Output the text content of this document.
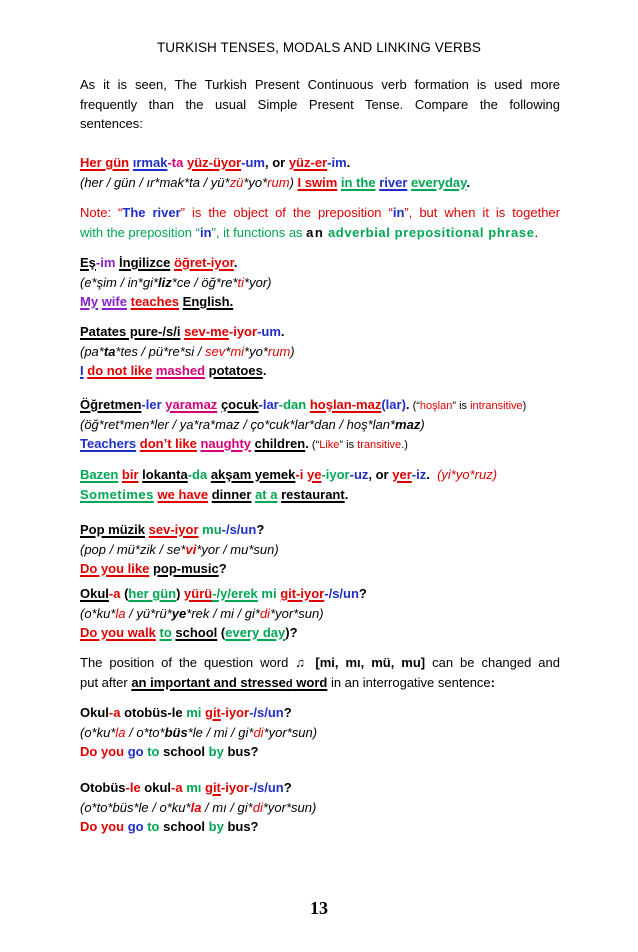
TURKISH TENSES, MODALS AND LINKING VERBS
As it is seen, The Turkish Present Continuous verb formation is used more
frequently than the usual Simple Present Tense. Compare the following
sentences:
Her gün ırmak-ta yüz-üyor-um, or yüz-er-im.
(her / gün / ır*mak*ta / yü*zü*yo*rum) I swim in the river everyday.
Note: “The river” is the object of the preposition “in”, but when it is together
with the preposition “in”, it functions as an adverbial prepositional phrase.
Eş-im İngilizce öğret-iyor.
(e*şim / in*gi*liz*ce / öğ*re*ti*yor)
My wife teaches English.
Patates pure-/s/i sev-me-iyor-um.
(pa*ta*tes / pü*re*si / sev*mi*yo*rum)
I do not like mashed potatoes.
Öğretmen-ler yaramaz çocuk-lar-dan hoşlan-maz(lar). (“hoşlan” is intransitive)
(öğ*ret*men*ler / ya*ra*maz / ço*cuk*lar*dan / hoş*lan*maz)
Teachers don’t like naughty children. (“Like” is transitive.)
Bazen bir lokanta-da akşam yemek-i ye-iyor-uz, or yer-iz. (yi*yo*ruz)
Sometimes we have dinner at a restaurant.
Pop müzik sev-iyor mu-/s/un?
(pop / mü*zik / se*vi*yor / mu*sun)
Do you like pop-music?
Okul-a (her gün) yürü-/y/erek mi git-iyor-/s/un?
(o*ku*la / yü*rü*ye*rek / mi / gi*di*yor*sun)
Do you walk to school (every day)?
The position of the question word ♫ [mi, mı, mü, mu] can be changed and
put after an important and stressed word in an interrogative sentence:
Okul-a otobüs-le mi git-iyor-/s/un?
(o*ku*la / o*to*büs*le / mi / gi*di*yor*sun)
Do you go to school by bus?
Otobüs-le okul-a mı git-iyor-/s/un?
(o*to*büs*le / o*ku*la / mı / gi*di*yor*sun)
Do you go to school by bus?
13
